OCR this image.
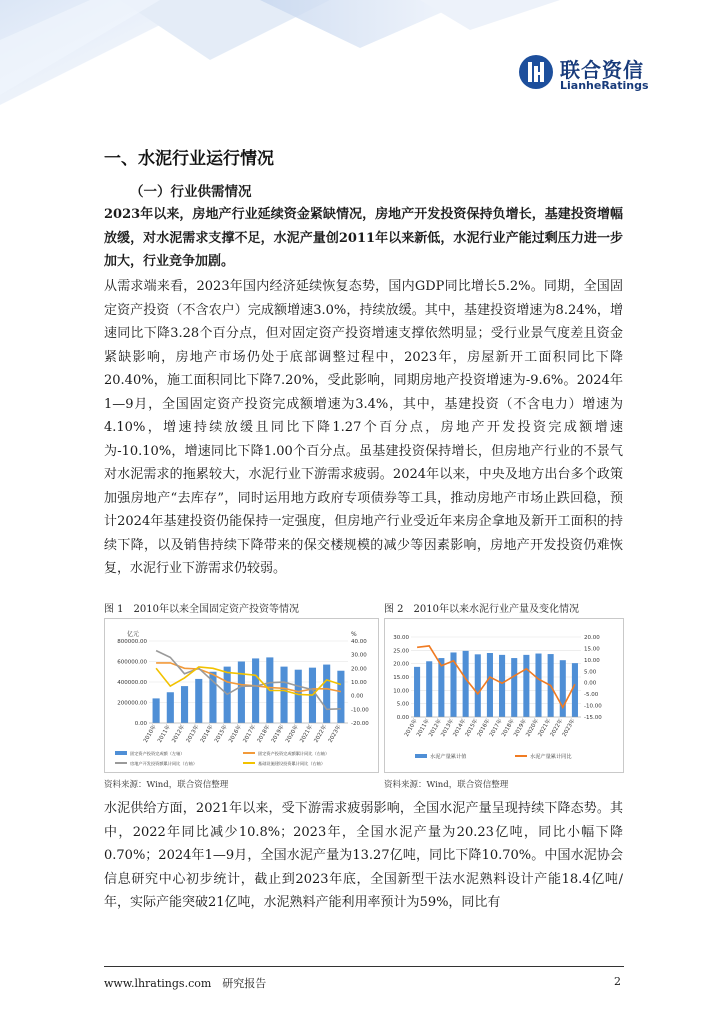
联合资信
LianheRatings
一、水泥行业运行情况
（一）行业供需情况

2023年以来，房地产行业延续资金紧缺情况，房地产开发投资保持负增长，基建投资增幅放缓，对水泥需求支撑不足，水泥产量创2011年以来新低，水泥行业产能过剩压力进一步加大，行业竞争加剧。

从需求端来看，2023年国内经济延续恢复态势，国内GDP同比增长5.2%。同期，全国固定资产投资（不含农户）完成额增速3.0%，持续放缓。其中，基建投资增速为8.24%，增速同比下降3.28个百分点，但对固定资产投资增速支撑依然明显；受行业景气度差且资金紧缺影响，房地产市场仍处于底部调整过程中，2023年，房屋新开工面积同比下降20.40%，施工面积同比下降7.20%，受此影响，同期房地产投资增速为-9.6%。2024年1—9月，全国固定资产投资完成额增速为3.4%，其中，基建投资（不含电力）增速为4.10%，增速持续放缓且同比下降1.27个百分点，房地产开发投资完成额增速为-10.10%，增速同比下降1.00个百分点。虽基建投资保持增长，但房地产行业的不景气对水泥需求的拖累较大，水泥行业下游需求疲弱。2024年以来，中央及地方出台多个政策加强房地产“去库存”，同时运用地方政府专项债券等工具，推动房地产市场止跌回稳，预计2024年基建投资仍能保持一定强度，但房地产行业受近年来房企拿地及新开工面积的持续下降，以及销售持续下降带来的保交楼规模的减少等因素影响，房地产开发投资仍难恢复，水泥行业下游需求仍较弱。

图 1　2010年以来全国固定资产投资等情况
0.00
200000.00
400000.00
600000.00
800000.00
-20.00
-10.00
0.00
10.00
20.00
30.00
40.00
亿元	%
2010年 2011年 2012年 2013年 2014年 2015年 2016年 2017年 2018年 2019年 2020年 2021年 2022年 2023年
固定资产投资完成额（左轴）	固定资产投资完成额累计同比（右轴）
房地产开发投资额累计同比（右轴）	基础设施建设投资累计同比（右轴）
资料来源：Wind，联合资信整理
图 2　2010年以来水泥行业产量及变化情况
0.00
5.00
10.00
15.00
20.00
25.00
30.00
-15.00
-10.00
-5.00
0.00
5.00
10.00
15.00
20.00
2010年
2011年
2012年
2013年
2014年
2015年
2016年
2017年
2018年
2019年
2020年
2021年
2022年
2023年
水泥产量累计值	水泥产量累计同比
资料来源：Wind，联合资信整理

水泥供给方面，2021年以来，受下游需求疲弱影响，全国水泥产量呈现持续下降态势。其中，2022年同比减少10.8%；2023年，全国水泥产量为20.23亿吨，同比小幅下降0.70%；2024年1—9月，全国水泥产量为13.27亿吨，同比下降10.70%。中国水泥协会信息研究中心初步统计，截止到2023年底，全国新型干法水泥熟料设计产能18.4亿吨/年，实际产能突破21亿吨，水泥熟料产能利用率预计为59%，同比有

www.lhratings.com　研究报告	2
